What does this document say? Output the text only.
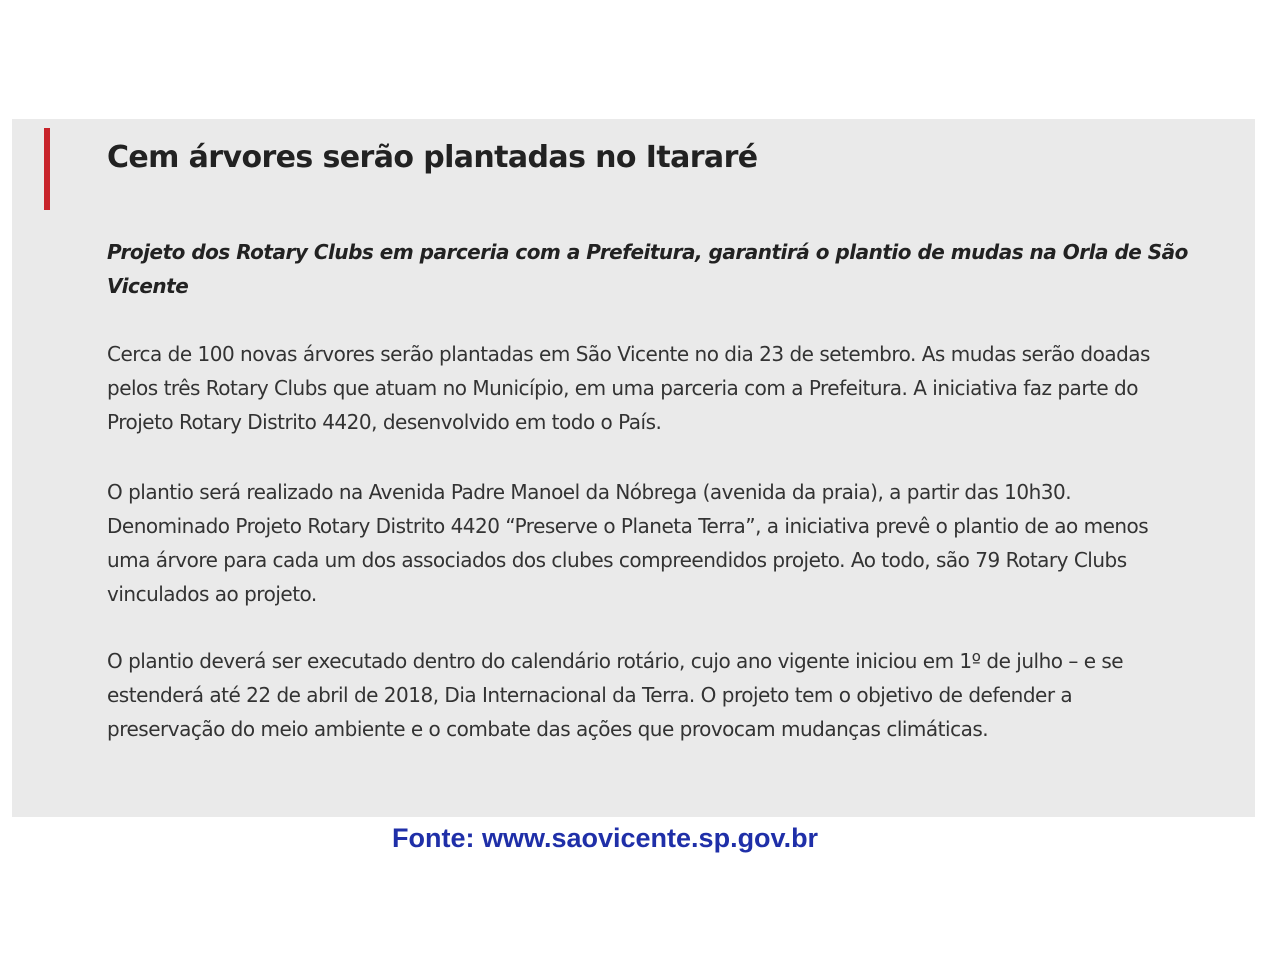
Cem árvores serão plantadas no Itararé

Projeto dos Rotary Clubs em parceria com a Prefeitura, garantirá o plantio de mudas na Orla de São
Vicente

Cerca de 100 novas árvores serão plantadas em São Vicente no dia 23 de setembro. As mudas serão doadas
pelos três Rotary Clubs que atuam no Município, em uma parceria com a Prefeitura. A iniciativa faz parte do
Projeto Rotary Distrito 4420, desenvolvido em todo o País.

O plantio será realizado na Avenida Padre Manoel da Nóbrega (avenida da praia), a partir das 10h30.
Denominado Projeto Rotary Distrito 4420 “Preserve o Planeta Terra”, a iniciativa prevê o plantio de ao menos
uma árvore para cada um dos associados dos clubes compreendidos projeto. Ao todo, são 79 Rotary Clubs
vinculados ao projeto.

O plantio deverá ser executado dentro do calendário rotário, cujo ano vigente iniciou em 1º de julho – e se
estenderá até 22 de abril de 2018, Dia Internacional da Terra. O projeto tem o objetivo de defender a
preservação do meio ambiente e o combate das ações que provocam mudanças climáticas.

Fonte: www.saovicente.sp.gov.br
